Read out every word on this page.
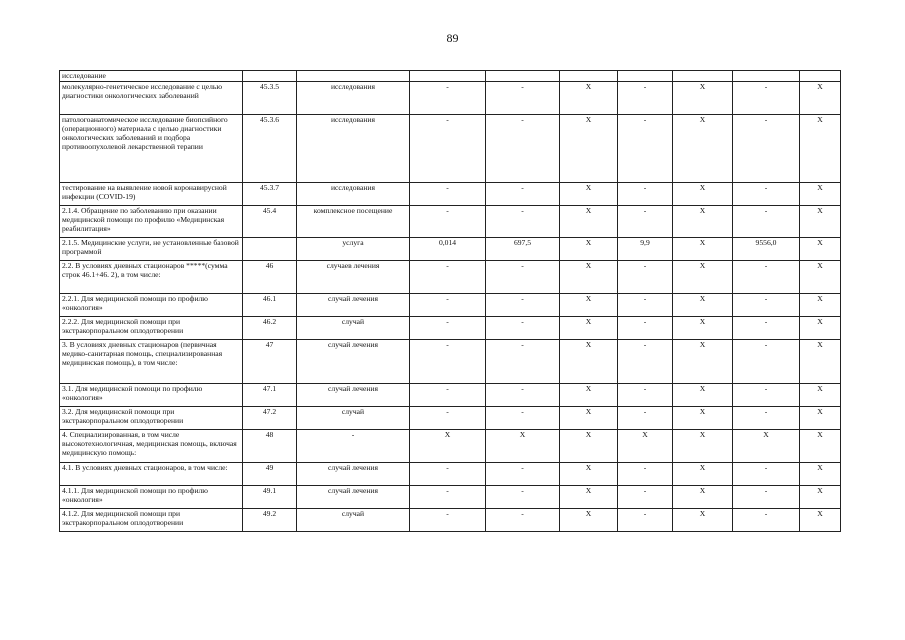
89
исследование									
молекулярно-генетическое исследование с целью диагностики онкологических заболеваний	45.3.5	исследования	-	-	X	-	X	-	X
патологоанатомическое исследование биопсийного (операционного) материала с целью диагностики онкологических заболеваний и подбора противоопухолевой лекарственной терапии	45.3.6	исследования	-	-	X	-	X	-	X
тестирование на выявление новой коронавирусной инфекции (COVID-19)	45.3.7	исследования	-	-	X	-	X	-	X
2.1.4. Обращение по заболеванию при оказании медицинской помощи по профилю «Медицинская реабилитация»	45.4	комплексное посещение	-	-	X	-	X	-	X
2.1.5. Медицинские услуги, не установленные базовой программой		услуга	0,014	697,5	X	9,9	X	9556,0	X
2.2. В условиях дневных стационаров *****(сумма строк 46.1+46. 2), в том числе:	46	случаев лечения	-	-	X	-	X	-	X
2.2.1. Для медицинской помощи по профилю «онкология»	46.1	случай лечения	-	-	X	-	X	-	X
2.2.2. Для медицинской помощи при экстракорпоральном оплодотворении	46.2	случай	-	-	X	-	X	-	X
3. В условиях дневных стационаров (первичная медико-санитарная помощь, специализированная медицинская помощь), в том числе:	47	случай лечения	-	-	X	-	X	-	X
3.1. Для медицинской помощи по профилю «онкология»	47.1	случай лечения	-	-	X	-	X	-	X
3.2. Для медицинской помощи при экстракорпоральном оплодотворении	47.2	случай	-	-	X	-	X	-	X
4. Специализированная, в том числе высокотехнологичная, медицинская помощь, включая медицинскую помощь:	48	-	X	X	X	X	X	X	X
4.1. В условиях дневных стационаров, в том числе:	49	случай лечения	-	-	X	-	X	-	X
4.1.1. Для медицинской помощи по профилю «онкология»	49.1	случай лечения	-	-	X	-	X	-	X
4.1.2. Для медицинской помощи при экстракорпоральном оплодотворении	49.2	случай	-	-	X	-	X	-	X
